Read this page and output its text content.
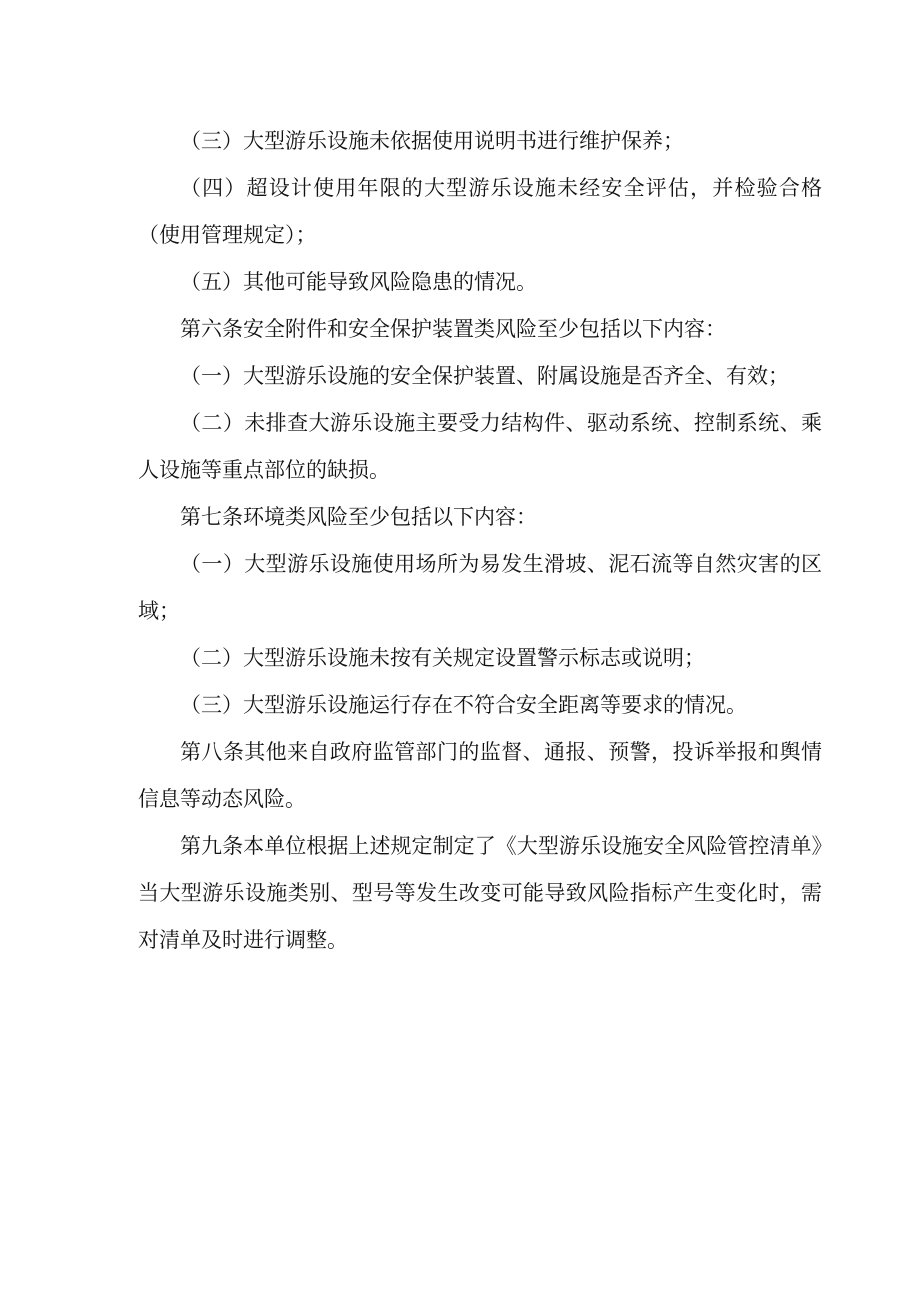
（三）大型游乐设施未依据使用说明书进行维护保养；

（四）超设计使用年限的大型游乐设施未经安全评估，并检验合格（使用管理规定）；

（五）其他可能导致风险隐患的情况。

第六条安全附件和安全保护装置类风险至少包括以下内容：

（一）大型游乐设施的安全保护装置、附属设施是否齐全、有效；

（二）未排查大游乐设施主要受力结构件、驱动系统、控制系统、乘人设施等重点部位的缺损。

第七条环境类风险至少包括以下内容：

（一）大型游乐设施使用场所为易发生滑坡、泥石流等自然灾害的区域；

（二）大型游乐设施未按有关规定设置警示标志或说明；

（三）大型游乐设施运行存在不符合安全距离等要求的情况。

第八条其他来自政府监管部门的监督、通报、预警，投诉举报和舆情信息等动态风险。

第九条本单位根据上述规定制定了《大型游乐设施安全风险管控清单》当大型游乐设施类别、型号等发生改变可能导致风险指标产生变化时，需对清单及时进行调整。
